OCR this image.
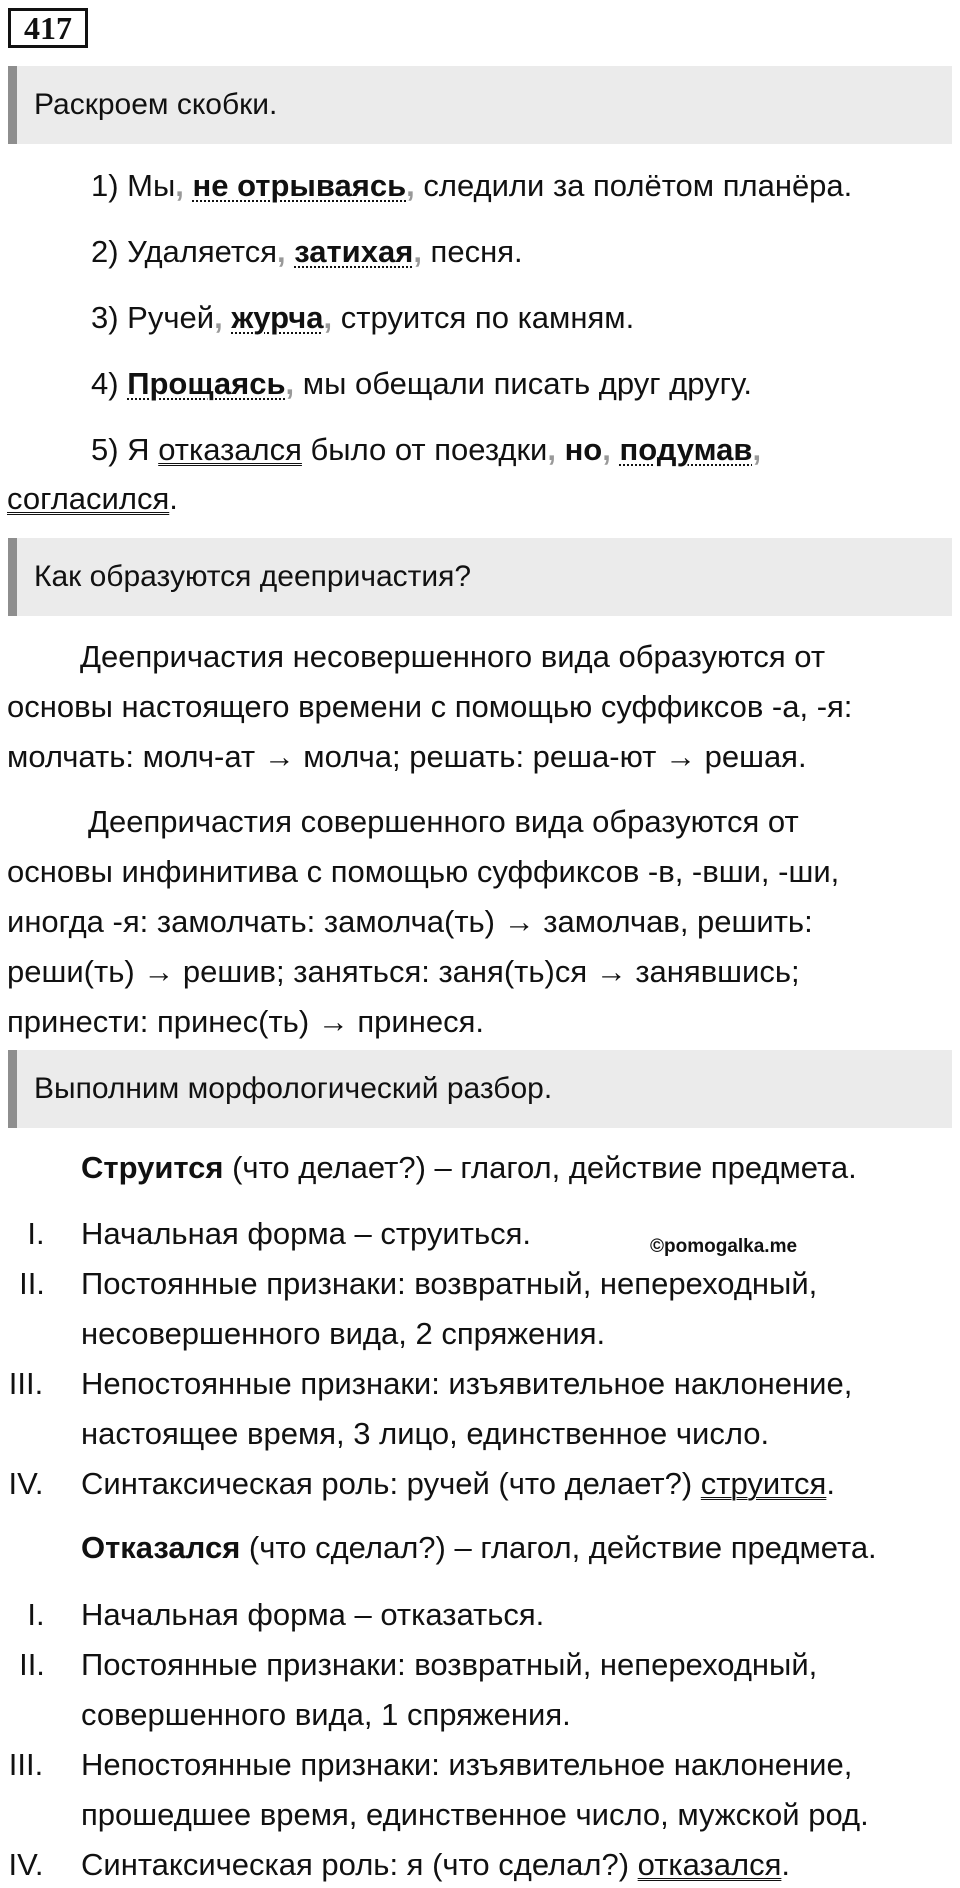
417
Раскроем скобки.
1) Мы, не отрываясь, следили за полётом планёра.
2) Удаляется, затихая, песня.
3) Ручей, журча, струится по камням.
4) Прощаясь, мы обещали писать друг другу.
5) Я отказался было от поездки, но, подумав,
согласился.
Как образуются деепричастия?
Деепричастия несовершенного вида образуются от
основы настоящего времени с помощью суффиксов -а, -я:
молчать: молч-ат → молча; решать: реша-ют → решая.
Деепричастия совершенного вида образуются от
основы инфинитива с помощью суффиксов -в, -вши, -ши,
иногда -я: замолчать: замолча(ть) → замолчав, решить:
реши(ть) → решив; заняться: заня(ть)ся → занявшись;
принести: принес(ть) → принеся.
Выполним морфологический разбор.
Струится (что делает?) – глагол, действие предмета.
I.	Начальная форма – струиться.
II. Постоянные признаки: возвратный, непереходный,
несовершенного вида, 2 спряжения.
III. Непостоянные признаки: изъявительное наклонение,
настоящее время, 3 лицо, единственное число.
IV. Синтаксическая роль: ручей (что делает?) струится.
Отказался (что сделал?) – глагол, действие предмета.
I.	Начальная форма – отказаться.
II. Постоянные признаки: возвратный, непереходный,
совершенного вида, 1 спряжения.
III. Непостоянные признаки: изъявительное наклонение,
прошедшее время, единственное число, мужской род.
IV. Синтаксическая роль: я (что сделал?) отказался.
©pomogalka.me
